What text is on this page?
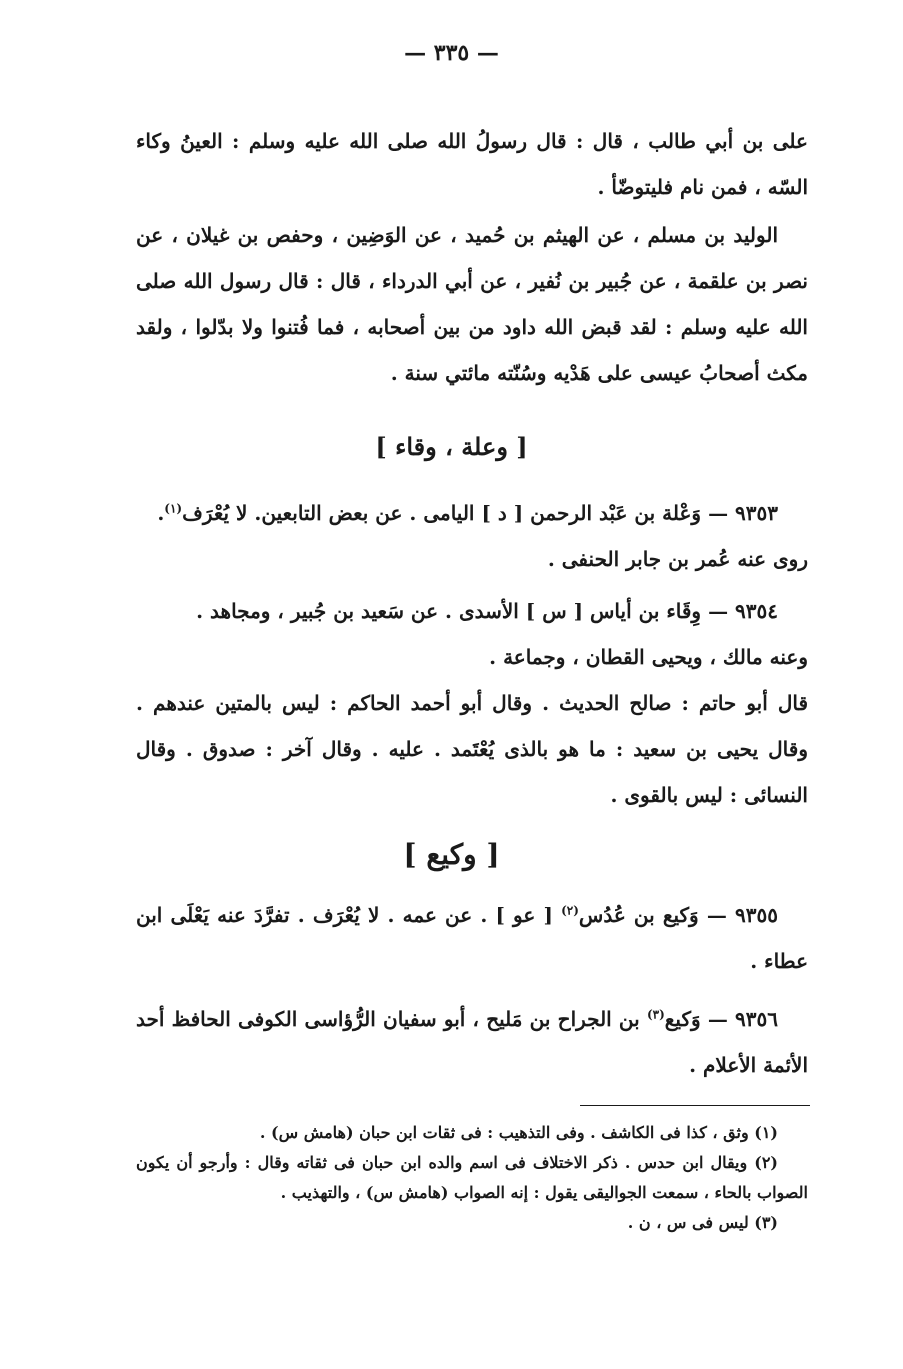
— ٣٣٥ —

على بن أبي طالب ، قال : قال رسولُ الله صلى الله عليه وسلم : العينُ وكاء السّه ، فمن نام فليتوضّأ .

الوليد بن مسلم ، عن الهيثم بن حُميد ، عن الوَضِين ، وحفص بن غيلان ، عن نصر بن علقمة ، عن جُبير بن نُفير ، عن أبي الدرداء ، قال : قال رسول الله صلى الله عليه وسلم : لقد قبض الله داود من بين أصحابه ، فما فُتنوا ولا بدّلوا ، ولقد مكث أصحابُ عيسى على هَدْيه وسُنّته مائتي سنة .

[ وعلة ، وقاء ]

٩٣٥٣ — وَعْلة بن عَبْد الرحمن [ د ] اليامى . عن بعض التابعين. لا يُعْرَف$^{(١)}$.

روى عنه عُمر بن جابر الحنفى .

٩٣٥٤ — وِقَاء بن أياس [ س ] الأسدى . عن سَعيد بن جُبير ، ومجاهد .

وعنه مالك ، ويحيى القطان ، وجماعة .

قال أبو حاتم : صالح الحديث . وقال أبو أحمد الحاكم : ليس بالمتين عندهم . وقال يحيى بن سعيد : ما هو بالذى يُعْتَمد . عليه . وقال آخر : صدوق . وقال النسائى : ليس بالقوى .

[ وكيع ]

٩٣٥٥ — وَكيع بن عُدُس$^{(٢)}$ [ عو ] . عن عمه . لا يُعْرَف . تفرَّدَ عنه يَعْلَى ابن عطاء .

٩٣٥٦ — وَكيع$^{(٣)}$ بن الجراح بن مَليح ، أبو سفيان الرُّؤاسى الكوفى الحافظ أحد الأئمة الأعلام .

(١) وثق ، كذا فى الكاشف . وفى التذهيب : فى ثقات ابن حبان (هامش س) .

(٢) ويقال ابن حدس . ذكر الاختلاف فى اسم والده ابن حبان فى ثقاته وقال : وأرجو أن يكون الصواب بالحاء ، سمعت الجواليقى يقول : إنه الصواب (هامش س) ، والتهذيب .

(٣) ليس فى س ، ن .
